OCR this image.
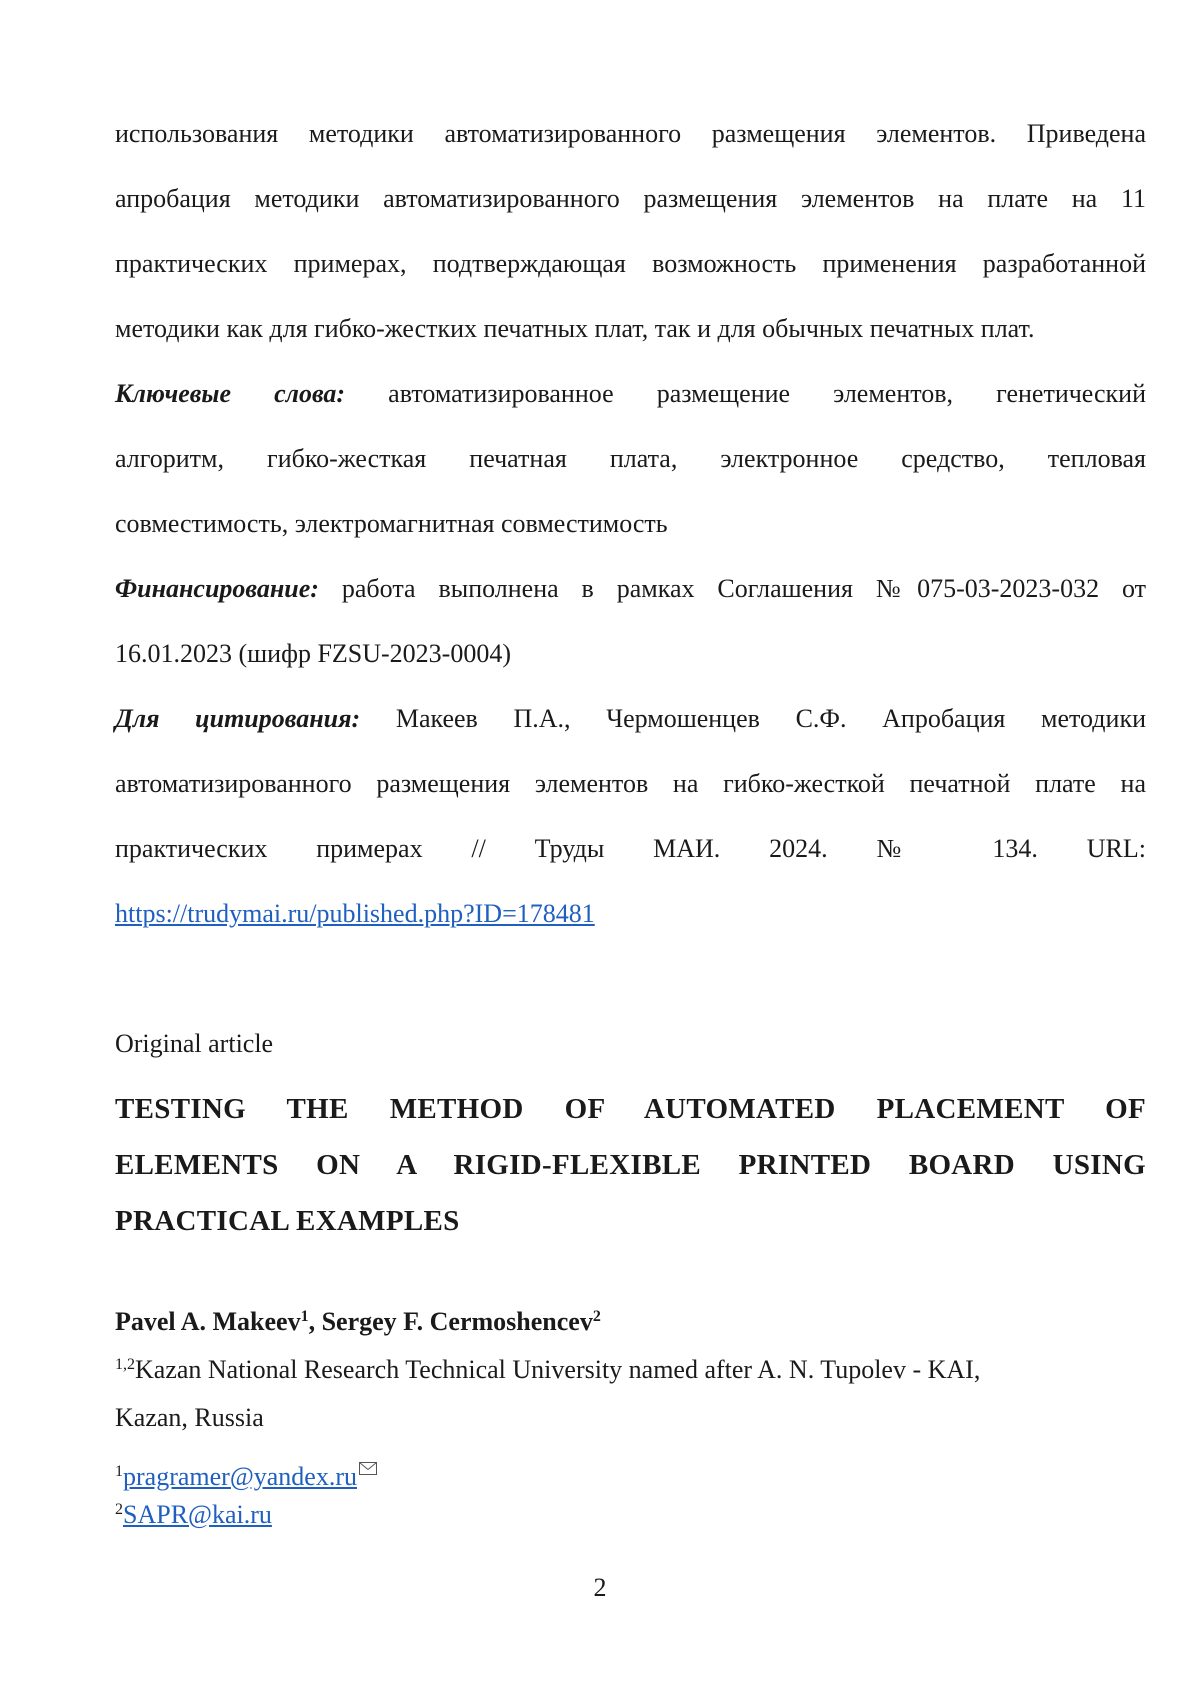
использования методики автоматизированного размещения элементов. Приведена
апробация методики автоматизированного размещения элементов на плате на 11
практических примерах, подтверждающая возможность применения разработанной
методики как для гибко-жестких печатных плат, так и для обычных печатных плат.
Ключевые слова: автоматизированное размещение элементов, генетический
алгоритм, гибко-жесткая печатная плата, электронное средство, тепловая
совместимость, электромагнитная совместимость
Финансирование: работа выполнена в рамках Соглашения №075-03-2023-032 от
16.01.2023 (шифр FZSU-2023-0004)
Для цитирования: Макеев П.А., Чермошенцев С.Ф. Апробация методики
автоматизированного размещения элементов на гибко-жесткой печатной плате на
практических примерах // Труды МАИ. 2024. № 134. URL:
https://trudymai.ru/published.php?ID=178481
Original article
TESTING THE METHOD OF AUTOMATED PLACEMENT OF
ELEMENTS ON A RIGID-FLEXIBLE PRINTED BOARD USING
PRACTICAL EXAMPLES
Pavel A. Makeev$^1$, Sergey F. Cermoshencev$^2$
$^{1,2}$Kazan National Research Technical University named after A. N. Tupolev - KAI,
Kazan, Russia
$^1$pragramer@yandex.ru
$^2$SAPR@kai.ru
2
